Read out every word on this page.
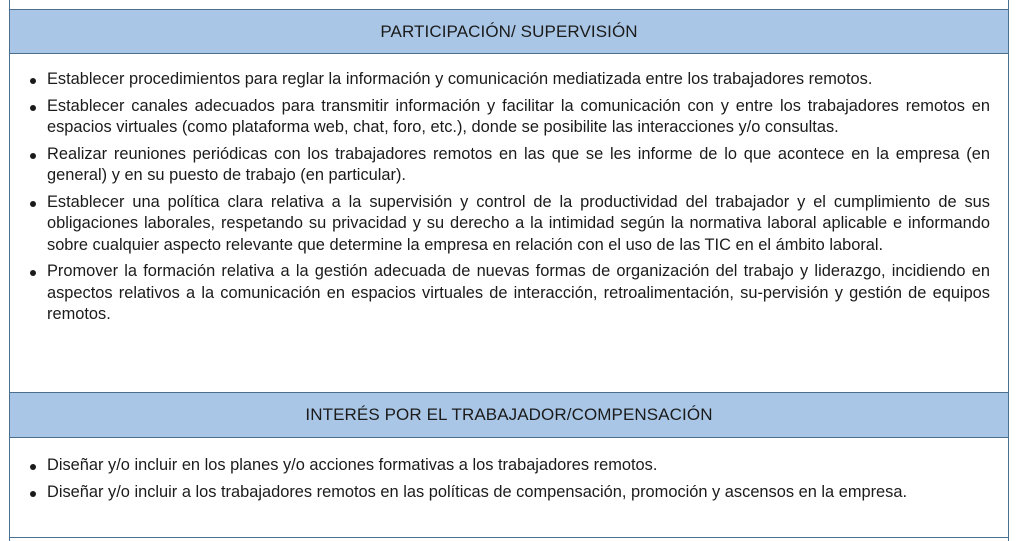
PARTICIPACIÓN/ SUPERVISIÓN
Establecer procedimientos para reglar la información y comunicación mediatizada entre los trabajadores remotos.
Establecer canales adecuados para transmitir información y facilitar la comunicación con y entre los trabajadores remotos en espacios virtuales (como plataforma web, chat, foro, etc.), donde se posibilite las interacciones y/o consultas.
Realizar reuniones periódicas con los trabajadores remotos en las que se les informe de lo que acontece en la empresa (en general) y en su puesto de trabajo (en particular).
Establecer una política clara relativa a la supervisión y control de la productividad del trabajador y el cumplimiento de sus obligaciones laborales, respetando su privacidad y su derecho a la intimidad según la normativa laboral aplicable e informando sobre cualquier aspecto relevante que determine la empresa en relación con el uso de las TIC en el ámbito laboral.
Promover la formación relativa a la gestión adecuada de nuevas formas de organización del trabajo y liderazgo, incidiendo en aspectos relativos a la comunicación en espacios virtuales de interacción, retroalimentación, su-pervisión y gestión de equipos remotos.
INTERÉS POR EL TRABAJADOR/COMPENSACIÓN
Diseñar y/o incluir en los planes y/o acciones formativas a los trabajadores remotos.
Diseñar y/o incluir a los trabajadores remotos en las políticas de compensación, promoción y ascensos en la empresa.
